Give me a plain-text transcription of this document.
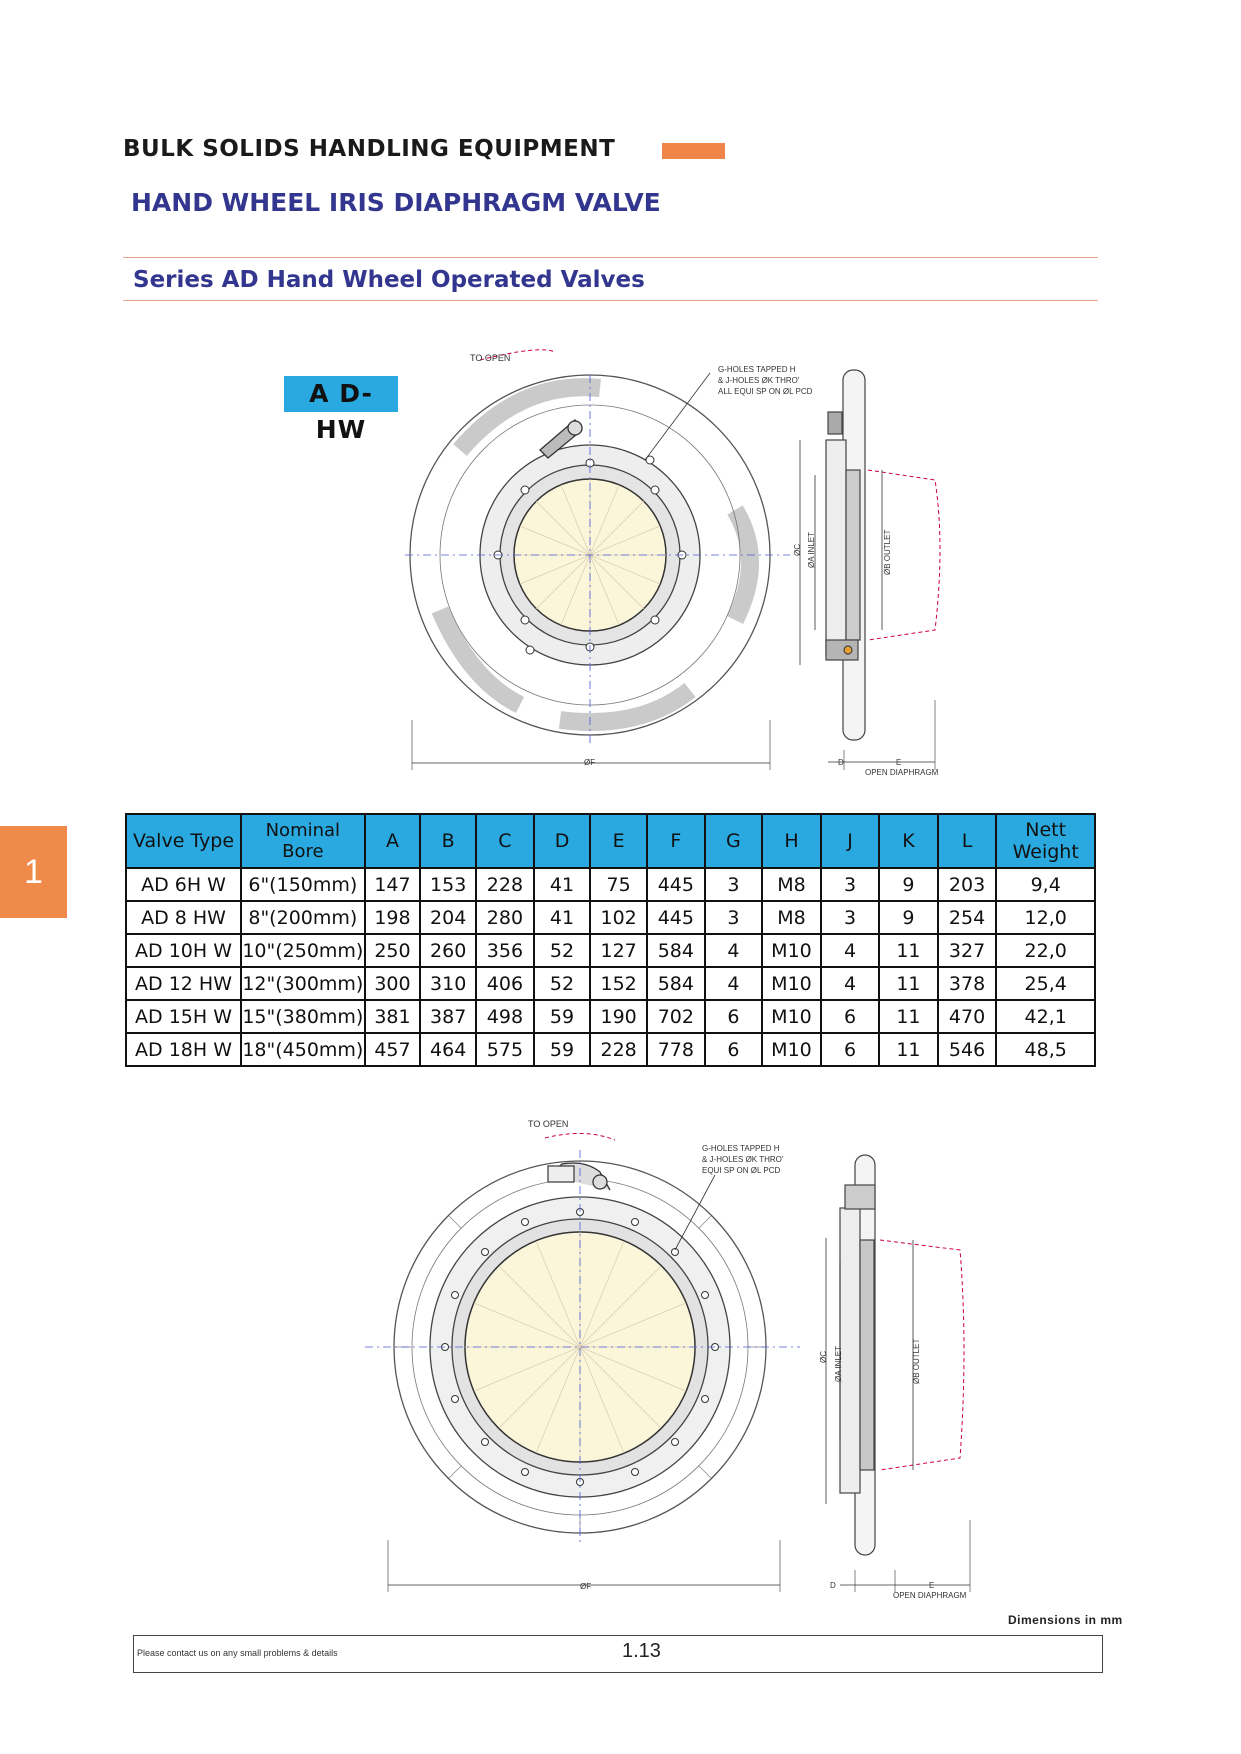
BULK SOLIDS HANDLING EQUIPMENT
HAND WHEEL IRIS DIAPHRAGM VALVE
Series AD Hand Wheel Operated Valves
1
A D-HW
TO OPEN
G-HOLES TAPPED H
& J-HOLES ØK THRO'
ALL EQUI SP ON ØL PCD
ØF
ØC ØA INLET	ØB OUTLET
D	E
OPEN DIAPHRAGM
Valve Type	Nominal Bore	A	B	C	D	E	F	G	H	J	K	L	Nett Weight
AD 6H W	6"(150mm)	147	153	228	41	75	445	3	M8	3	9	203	9,4
AD 8 HW	8"(200mm)	198	204	280	41	102	445	3	M8	3	9	254	12,0
AD 10H W	10"(250mm)	250	260	356	52	127	584	4	M10	4	11	327	22,0
AD 12 HW	12"(300mm)	300	310	406	52	152	584	4	M10	4	11	378	25,4
AD 15H W	15"(380mm)	381	387	498	59	190	702	6	M10	6	11	470	42,1
AD 18H W	18"(450mm)	457	464	575	59	228	778	6	M10	6	11	546	48,5
TO OPEN
G-HOLES TAPPED H
& J-HOLES ØK THRO'
EQUI SP ON ØL PCD
ØF
ØC ØA INLET	ØB OUTLET
D	E
OPEN DIAPHRAGM
Dimensions in mm
Please contact us on any small problems & details	1.13
